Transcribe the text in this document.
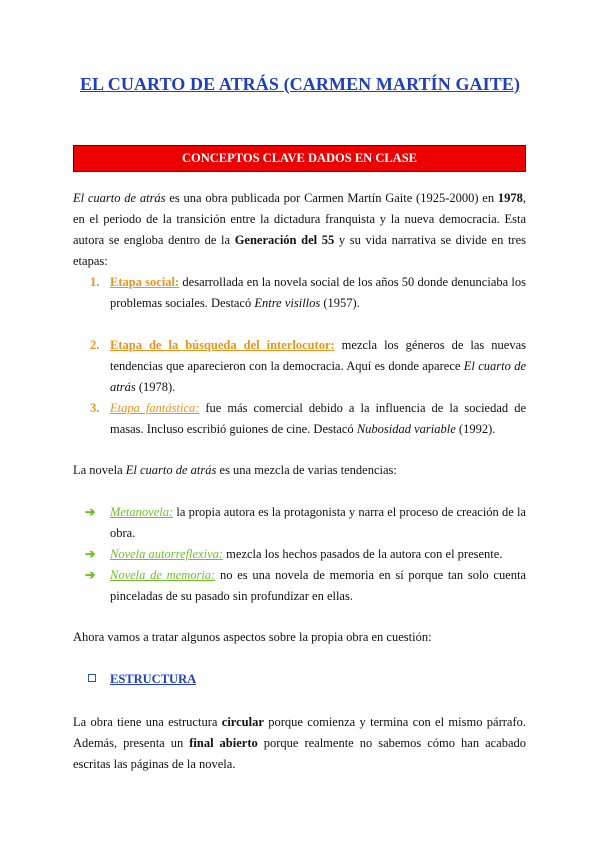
EL CUARTO DE ATRÁS (CARMEN MARTÍN GAITE)
CONCEPTOS CLAVE DADOS EN CLASE
El cuarto de atrás es una obra publicada por Carmen Martín Gaite (1925-2000) en 1978, en el periodo de la transición entre la dictadura franquista y la nueva democracia. Esta autora se engloba dentro de la Generación del 55 y su vida narrativa se divide en tres etapas:
1. Etapa social: desarrollada en la novela social de los años 50 donde denunciaba los problemas sociales. Destacó Entre visillos (1957).
2. Etapa de la búsqueda del interlocutor: mezcla los géneros de las nuevas tendencias que aparecieron con la democracia. Aquí es donde aparece El cuarto de atrás (1978).
3. Etapa fantástica: fue más comercial debido a la influencia de la sociedad de masas. Incluso escribió guiones de cine. Destacó Nubosidad variable (1992).
La novela El cuarto de atrás es una mezcla de varias tendencias:
➔ Metanovela: la propia autora es la protagonista y narra el proceso de creación de la obra.
➔ Novela autorreflexiva: mezcla los hechos pasados de la autora con el presente.
➔ Novela de memoria: no es una novela de memoria en sí porque tan solo cuenta pinceladas de su pasado sin profundizar en ellas.
Ahora vamos a tratar algunos aspectos sobre la propia obra en cuestión:
ESTRUCTURA
La obra tiene una estructura circular porque comienza y termina con el mismo párrafo. Además, presenta un final abierto porque realmente no sabemos cómo han acabado escritas las páginas de la novela.
